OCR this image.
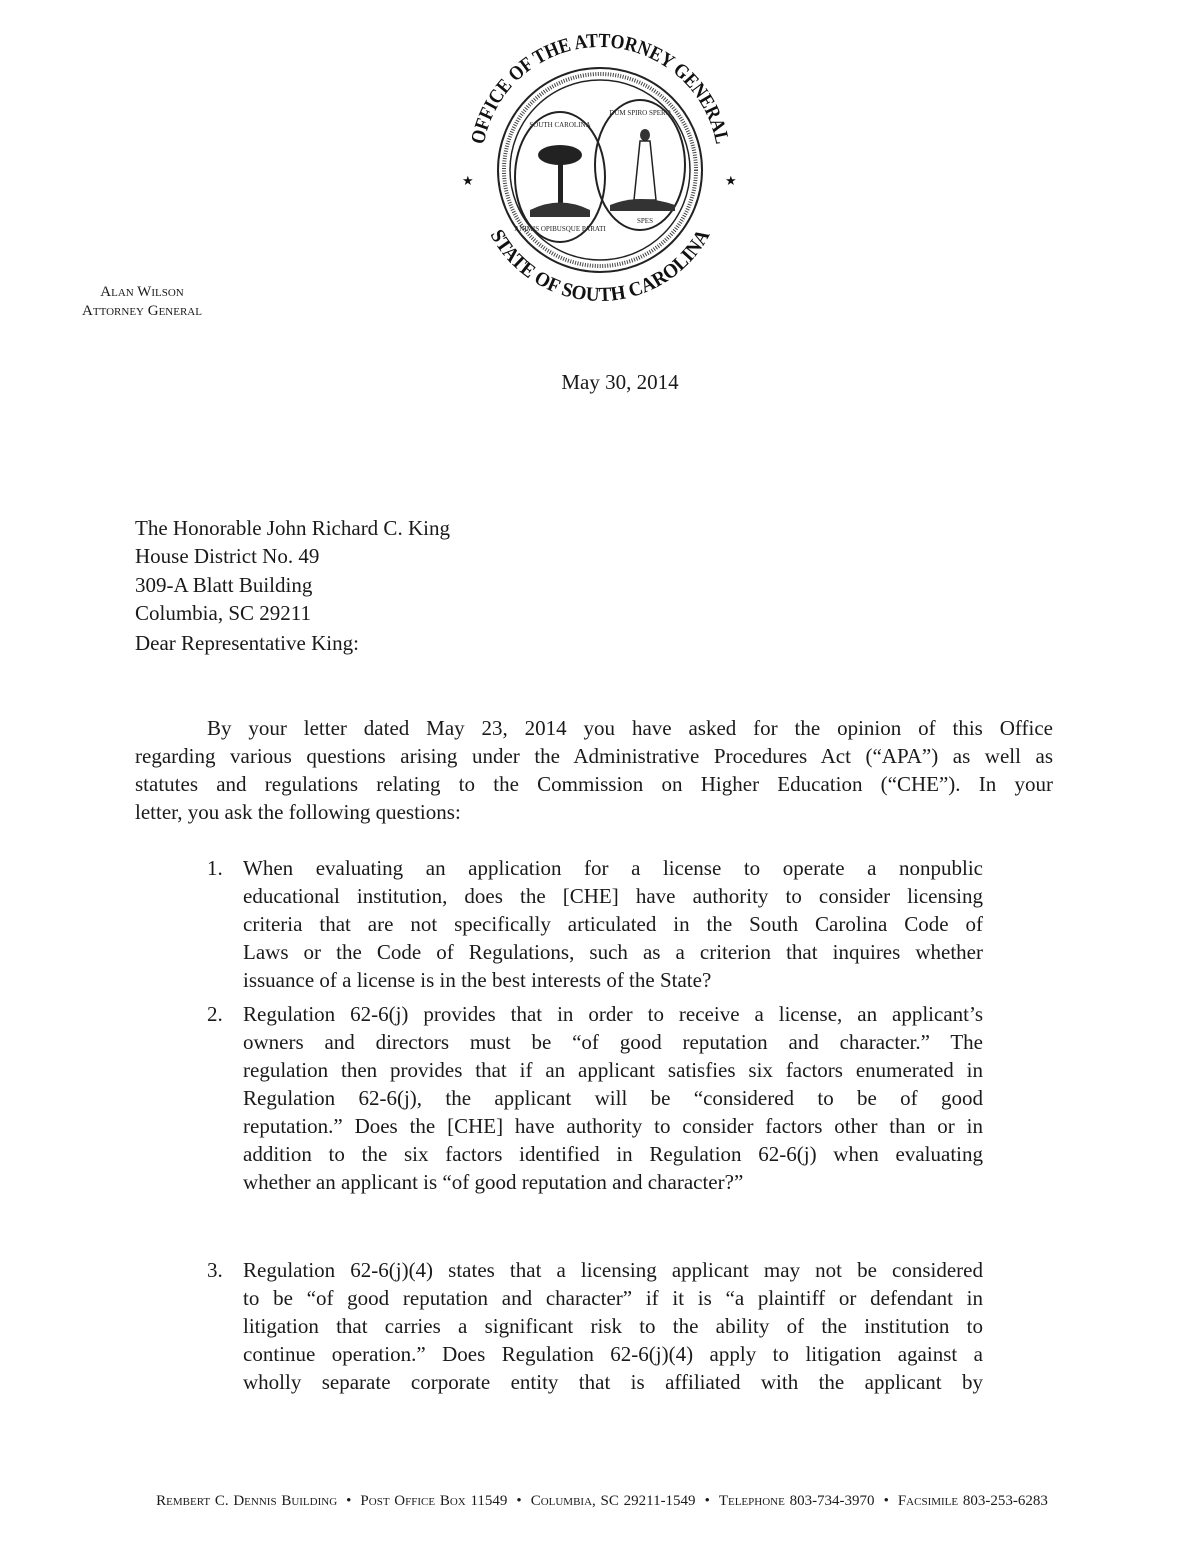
OFFICE OF THE ATTORNEY GENERAL
STATE OF SOUTH CAROLINA
★	★
SOUTH CAROLINA
ANIMIS OPIBUSQUE PARATI
DUM SPIRO SPERO
SPES
Alan Wilson
Attorney General
May 30, 2014
The Honorable John Richard C. King
House District No. 49
309-A Blatt Building
Columbia, SC 29211
Dear Representative King:
By your letter dated May 23, 2014 you have asked for the opinion of this Office
regarding various questions arising under the Administrative Procedures Act (“APA”) as well as
statutes and regulations relating to the Commission on Higher Education (“CHE”). In your
letter, you ask the following questions:
1. When evaluating an application for a license to operate a nonpublic
educational institution, does the [CHE] have authority to consider licensing
criteria that are not specifically articulated in the South Carolina Code of
Laws or the Code of Regulations, such as a criterion that inquires whether
issuance of a license is in the best interests of the State?
2. Regulation 62-6(j) provides that in order to receive a license, an applicant’s
owners and directors must be “of good reputation and character.” The
regulation then provides that if an applicant satisfies six factors enumerated in
Regulation 62-6(j), the applicant will be “considered to be of good
reputation.” Does the [CHE] have authority to consider factors other than or in
addition to the six factors identified in Regulation 62-6(j) when evaluating
whether an applicant is “of good reputation and character?”
3. Regulation 62-6(j)(4) states that a licensing applicant may not be considered
to be “of good reputation and character” if it is “a plaintiff or defendant in
litigation that carries a significant risk to the ability of the institution to
continue operation.” Does Regulation 62-6(j)(4) apply to litigation against a
wholly separate corporate entity that is affiliated with the applicant by
Rembert C. Dennis Building • Post Office Box 11549 • Columbia, SC 29211-1549 • Telephone 803-734-3970 • Facsimile 803-253-6283
